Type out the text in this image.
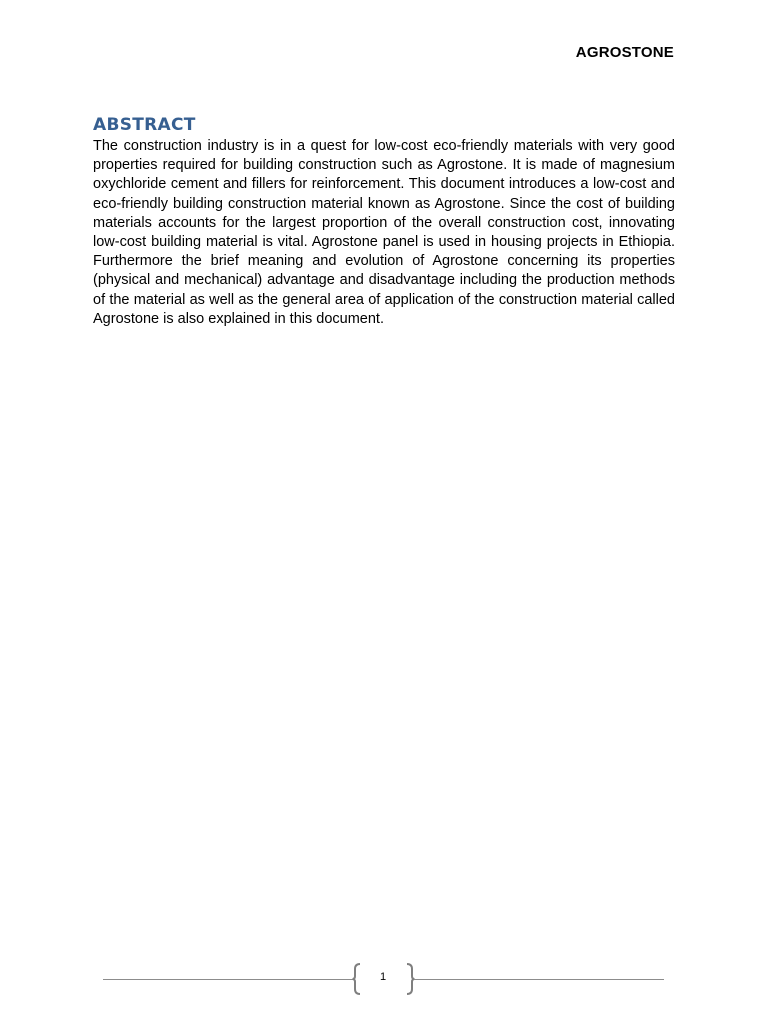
AGROSTONE
ABSTRACT

The construction industry is in a quest for low-cost eco-friendly materials with very good properties required for building construction such as Agrostone. It is made of magnesium oxychloride cement and fillers for reinforcement. This document introduces a low-cost and eco-friendly building construction material known as Agrostone. Since the cost of building materials accounts for the largest proportion of the overall construction cost, innovating low-cost building material is vital. Agrostone panel is used in housing projects in Ethiopia. Furthermore the brief meaning and evolution of Agrostone concerning its properties (physical and mechanical) advantage and disadvantage including the production methods of the material as well as the general area of application of the construction material called Agrostone is also explained in this document.

1
